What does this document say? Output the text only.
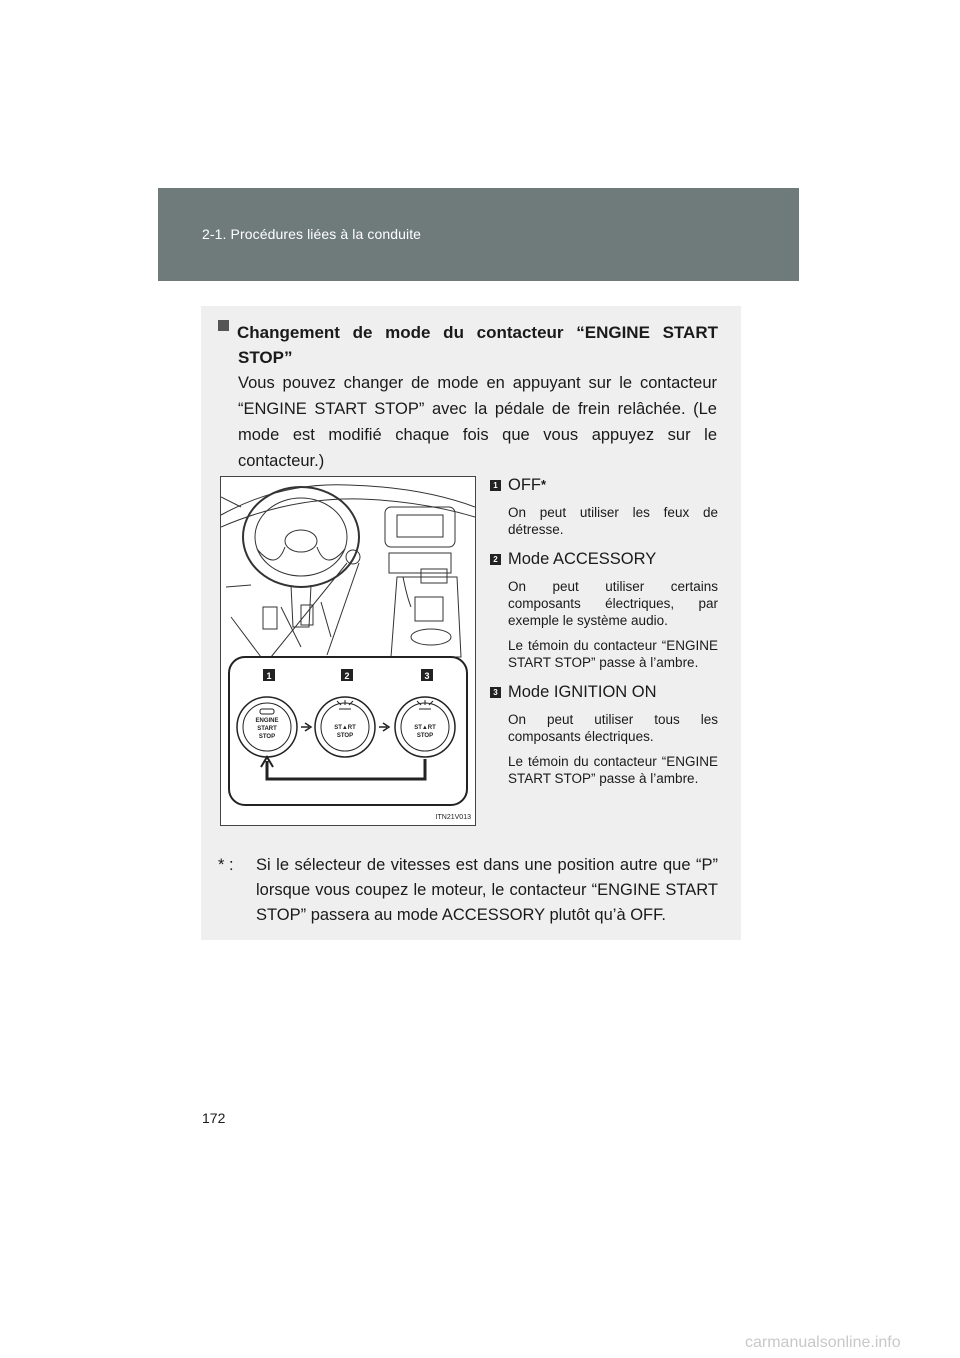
2-1. Procédures liées à la conduite
Changement de mode du contacteur “ENGINE START
STOP”
Vous pouvez changer de mode en appuyant sur le contacteur “ENGINE START STOP” avec la pédale de frein relâchée. (Le mode est modifié chaque fois que vous appuyez sur le contacteur.)
1	2	3
ENGINE
START
STOP
ST▲RT
STOP
ST▲RT
STOP
ITN21V013
1 OFF *
On peut utiliser les feux de détresse.
2 Mode ACCESSORY
On peut utiliser certains composants électriques, par exemple le système audio.
Le témoin du contacteur “ENGINE START STOP” passe à l’ambre.
3 Mode IGNITION ON
On peut utiliser tous les composants électriques.
Le témoin du contacteur “ENGINE START STOP” passe à l’ambre.
* :	Si le sélecteur de vitesses est dans une position autre que “P” lorsque vous coupez le moteur, le contacteur “ENGINE START STOP” passera au mode ACCESSORY plutôt qu’à OFF.
172
carmanualsonline.info
